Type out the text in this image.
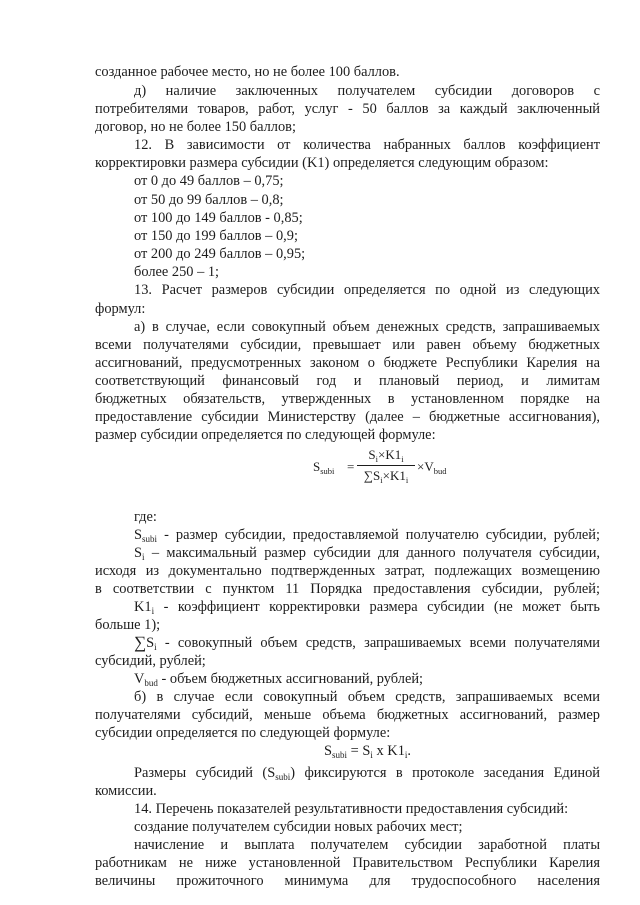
созданное рабочее место, но не более 100 баллов.
д) наличие заключенных получателем субсидии договоров с
потребителями товаров, работ, услуг - 50 баллов за каждый заключенный
договор, но не более 150 баллов;
12. В зависимости от количества набранных баллов коэффициент
корректировки размера субсидии (K1) определяется следующим образом:
от 0 до 49 баллов – 0,75;
от 50 до 99 баллов – 0,8;
от 100 до 149 баллов - 0,85;
от 150 до 199 баллов – 0,9;
от 200 до 249 баллов – 0,95;
более 250 – 1;
13. Расчет размеров субсидии определяется по одной из следующих
формул:
а) в случае, если совокупный объем денежных средств, запрашиваемых
всеми получателями субсидии, превышает или равен объему бюджетных
ассигнований, предусмотренных законом о бюджете Республики Карелия на
соответствующий финансовый год и плановый период, и лимитам
бюджетных обязательств, утвержденных в установленном порядке на
предоставление субсидии Министерству (далее – бюджетные ассигнования),
размер субсидии определяется по следующей формуле:
$S_{subi}$ =
$S_i\times K1_i$
$\sum S_i\times K1_i$
$\times V_{bud}$
где:
$S_{subi}$ - размер субсидии, предоставляемой получателю субсидии, рублей;
$S_i$ – максимальный размер субсидии для данного получателя субсидии,
исходя из документально подтвержденных затрат, подлежащих возмещению
в соответствии с пунктом 11 Порядка предоставления субсидии, рублей;
$K1_i$ - коэффициент корректировки размера субсидии (не может быть
больше 1);
$\sum S_i$ - совокупный объем средств, запрашиваемых всеми получателями
субсидий, рублей;
$V_{bud}$ - объем бюджетных ассигнований, рублей;
б) в случае если совокупный объем средств, запрашиваемых всеми
получателями субсидий, меньше объема бюджетных ассигнований, размер
субсидии определяется по следующей формуле:
$S_{subi} = S_i$ x $K1_i$.
Размеры субсидий $(S_{subi})$ фиксируются в протоколе заседания Единой
комиссии.
14. Перечень показателей результативности предоставления субсидий:
создание получателем субсидии новых рабочих мест;
начисление и выплата получателем субсидии заработной платы
работникам не ниже установленной Правительством Республики Карелия
величины прожиточного минимума для трудоспособного населения
